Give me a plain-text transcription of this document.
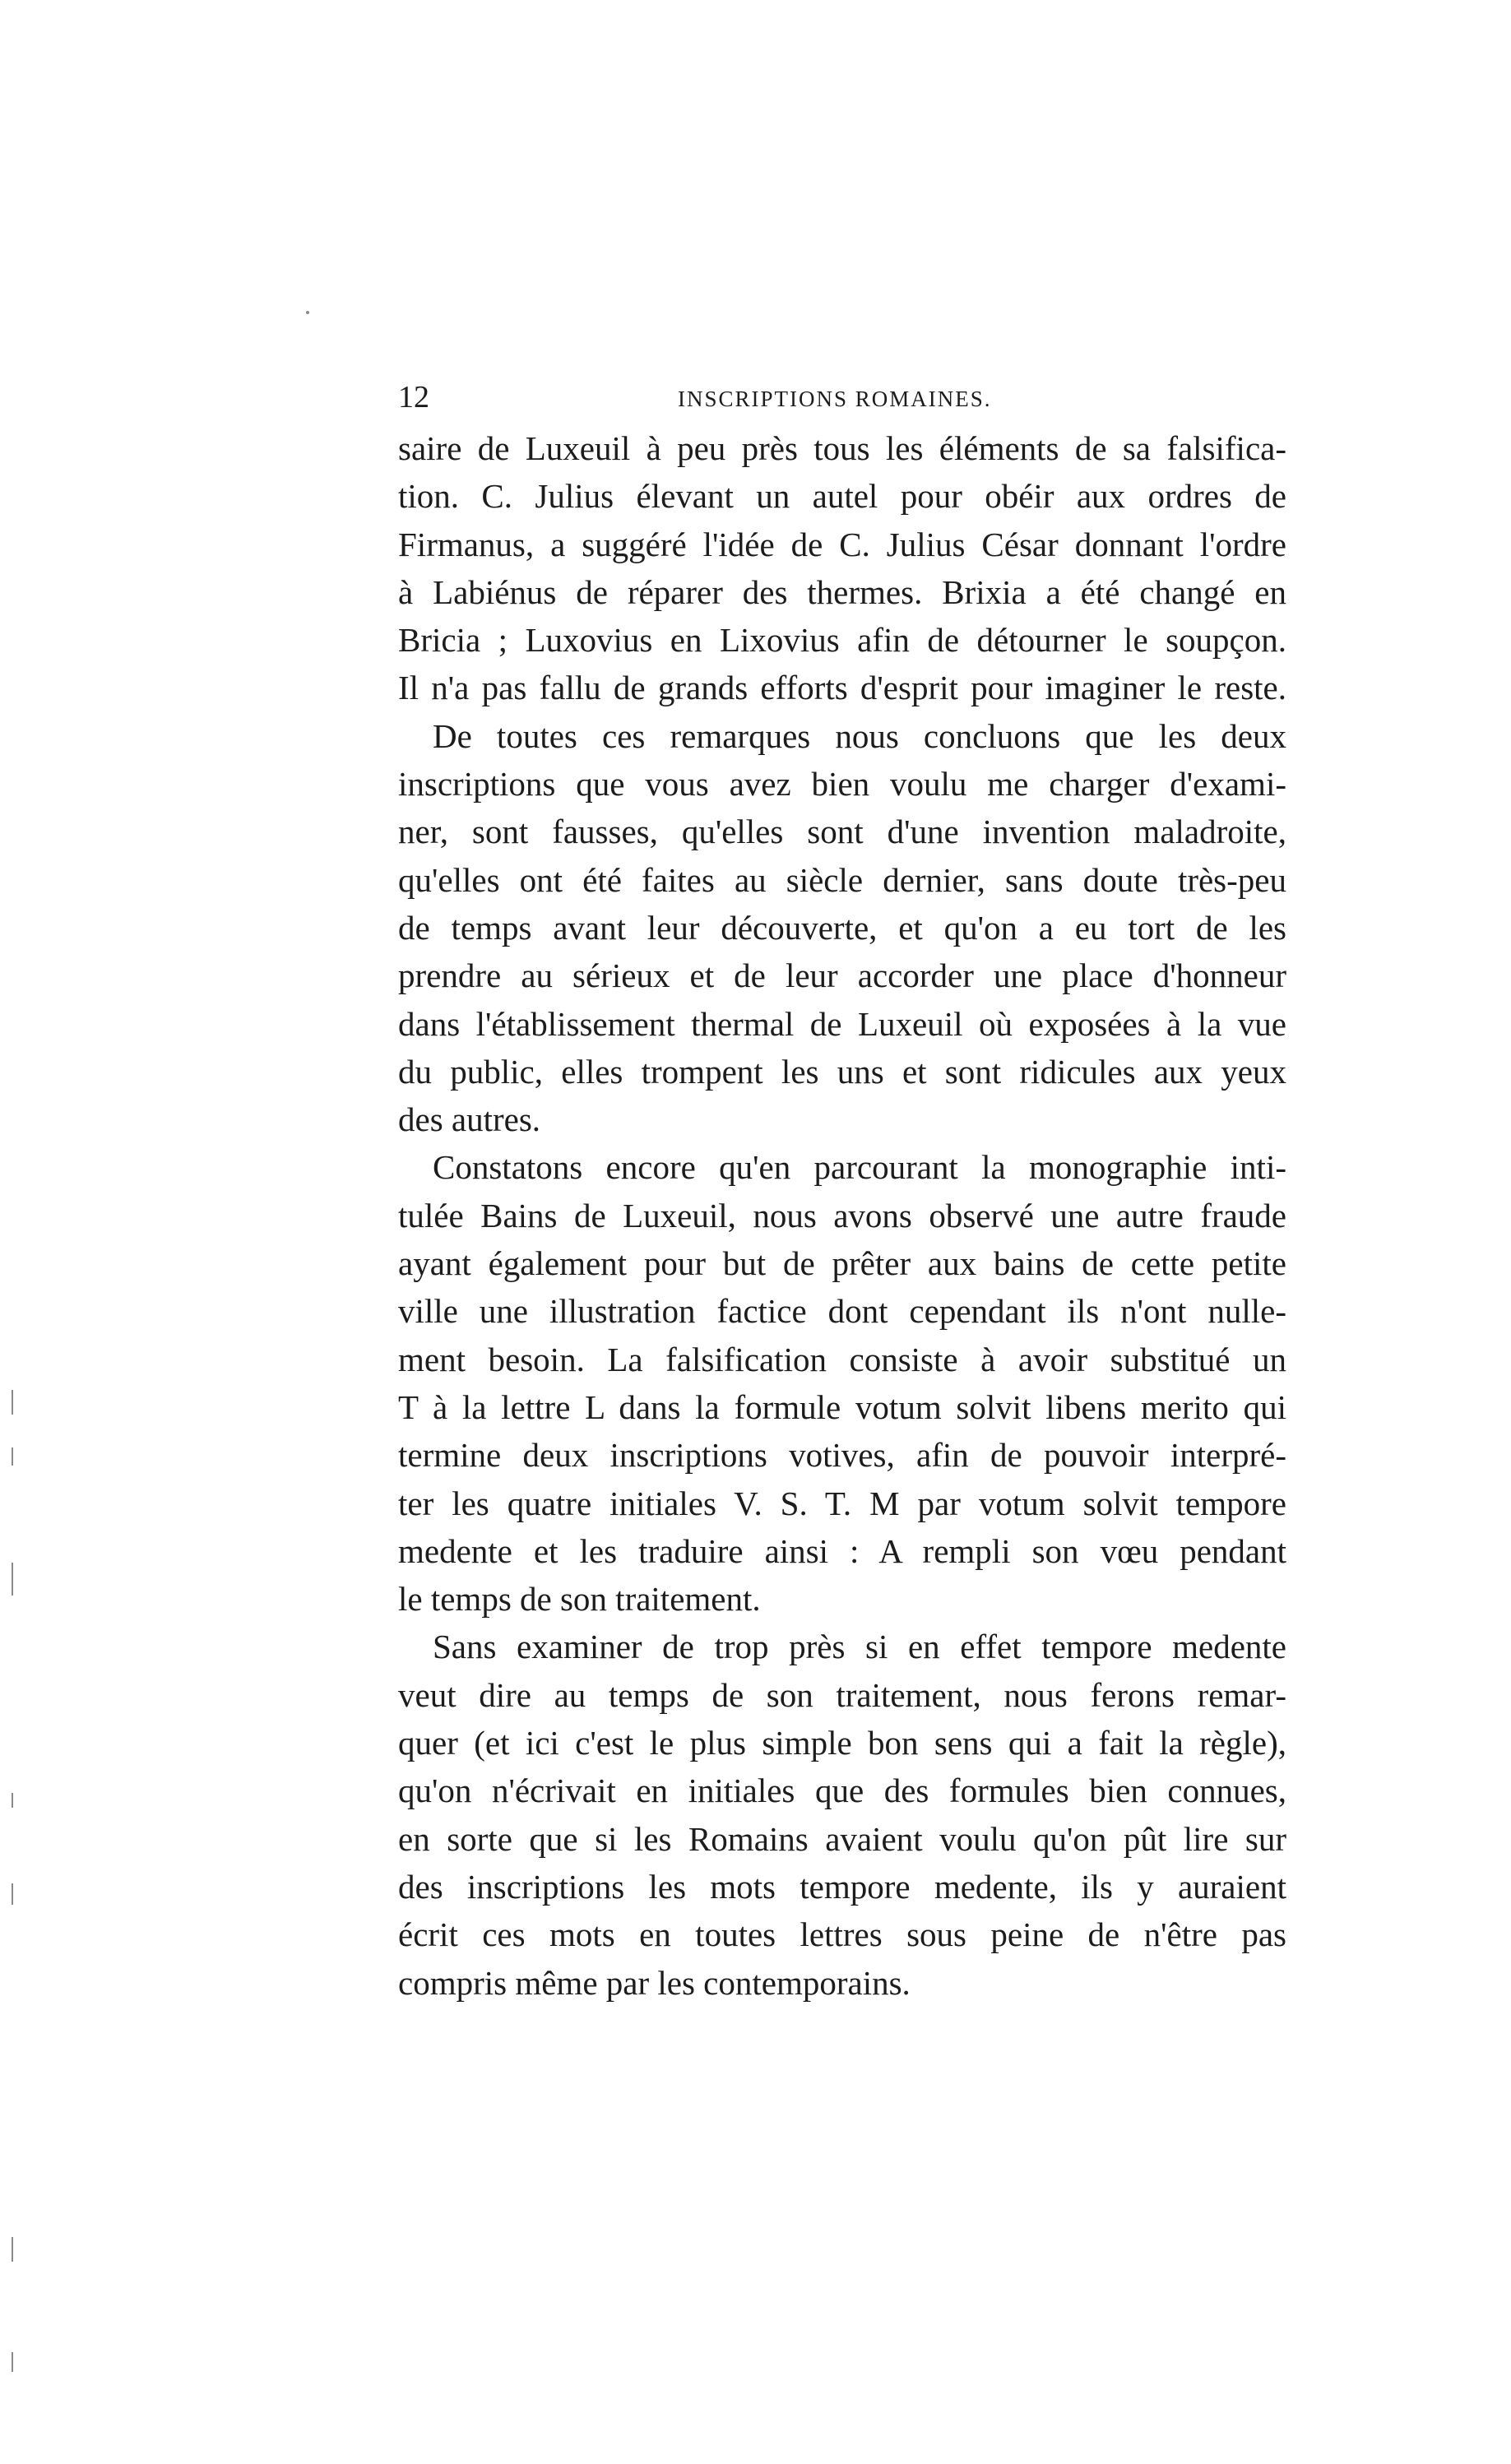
12	INSCRIPTIONS ROMAINES.
saire de Luxeuil à peu près tous les éléments de sa falsifica-
tion. C. Julius élevant un autel pour obéir aux ordres de
Firmanus, a suggéré l'idée de C. Julius César donnant l'ordre
à Labiénus de réparer des thermes. Brixia a été changé en
Bricia ; Luxovius en Lixovius afin de détourner le soupçon.
Il n'a pas fallu de grands efforts d'esprit pour imaginer le reste.
De toutes ces remarques nous concluons que les deux
inscriptions que vous avez bien voulu me charger d'exami-
ner, sont fausses, qu'elles sont d'une invention maladroite,
qu'elles ont été faites au siècle dernier, sans doute très-peu
de temps avant leur découverte, et qu'on a eu tort de les
prendre au sérieux et de leur accorder une place d'honneur
dans l'établissement thermal de Luxeuil où exposées à la vue
du public, elles trompent les uns et sont ridicules aux yeux
des autres.
Constatons encore qu'en parcourant la monographie inti-
tulée Bains de Luxeuil, nous avons observé une autre fraude
ayant également pour but de prêter aux bains de cette petite
ville une illustration factice dont cependant ils n'ont nulle-
ment besoin. La falsification consiste à avoir substitué un
T à la lettre L dans la formule votum solvit libens merito qui
termine deux inscriptions votives, afin de pouvoir interpré-
ter les quatre initiales V. S. T. M par votum solvit tempore
medente et les traduire ainsi : A rempli son vœu pendant
le temps de son traitement.
Sans examiner de trop près si en effet tempore medente
veut dire au temps de son traitement, nous ferons remar-
quer (et ici c'est le plus simple bon sens qui a fait la règle),
qu'on n'écrivait en initiales que des formules bien connues,
en sorte que si les Romains avaient voulu qu'on pût lire sur
des inscriptions les mots tempore medente, ils y auraient
écrit ces mots en toutes lettres sous peine de n'être pas
compris même par les contemporains.
